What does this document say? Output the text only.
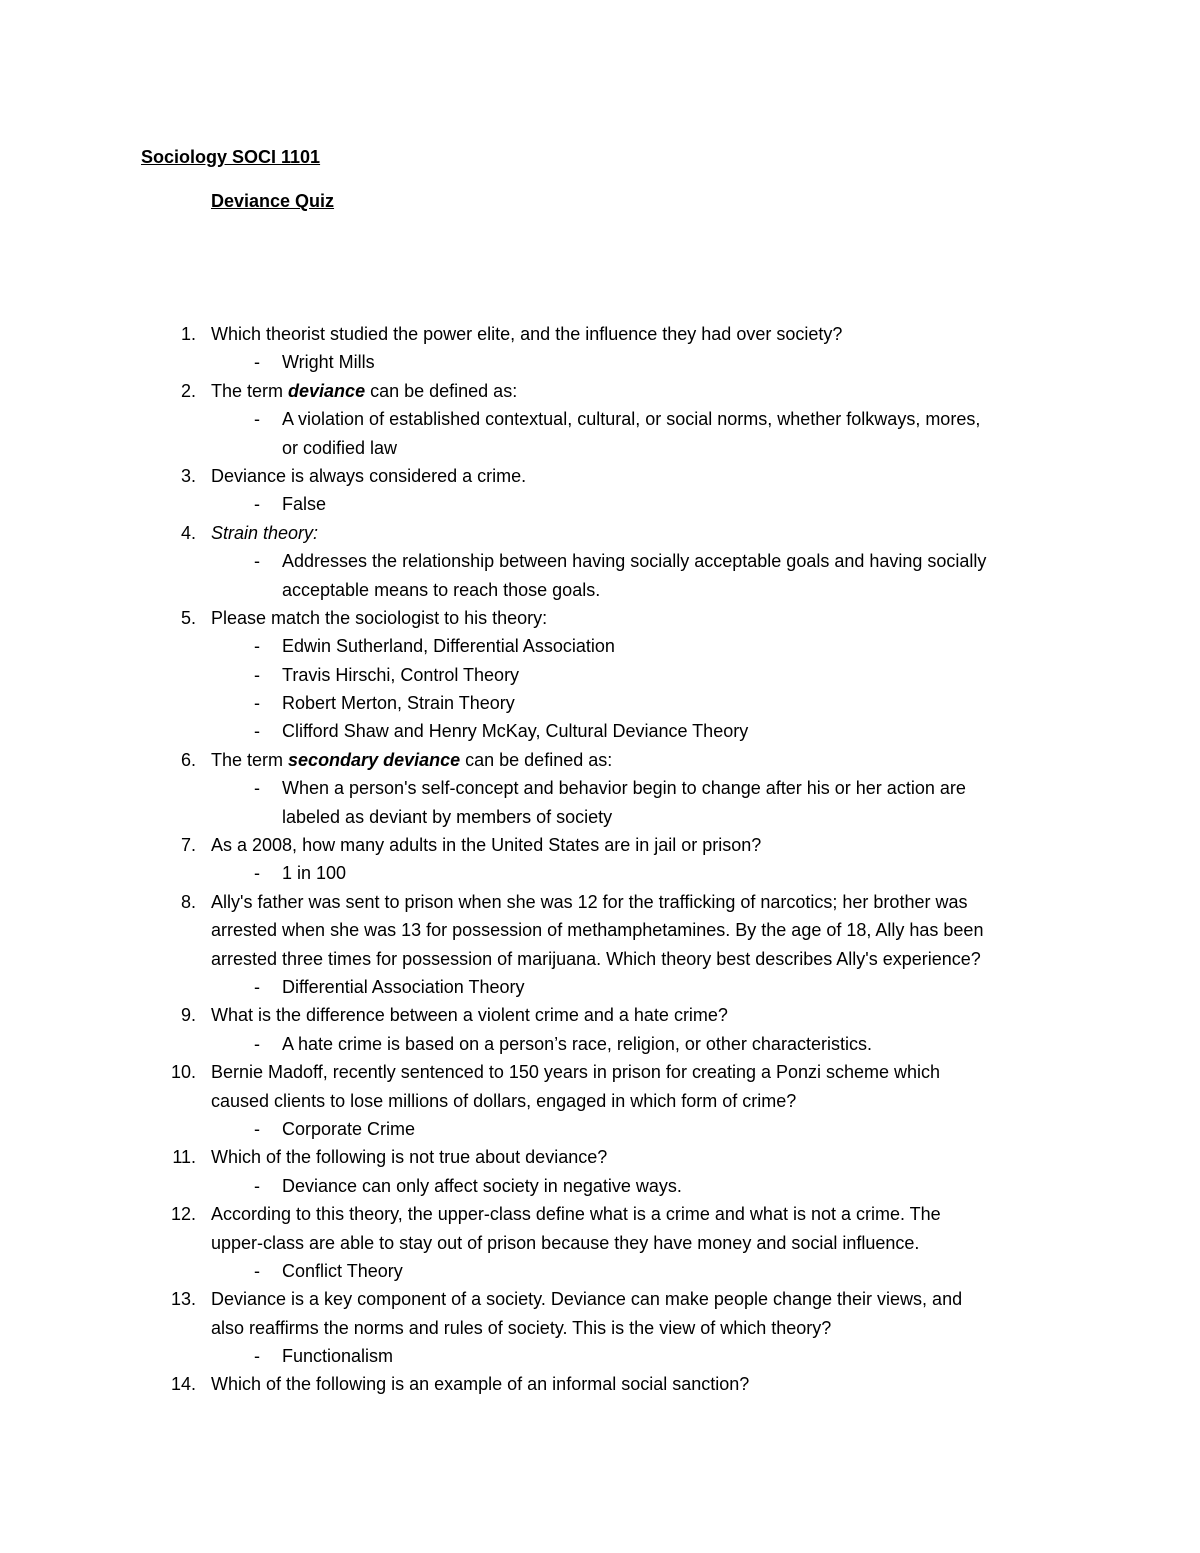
Sociology SOCI 1101
Deviance Quiz
1. Which theorist studied the power elite, and the influence they had over society?
- Wright Mills
2. The term deviance can be defined as:
- A violation of established contextual, cultural, or social norms, whether folkways, mores,
or codified law
3. Deviance is always considered a crime.
- False
4. Strain theory:
- Addresses the relationship between having socially acceptable goals and having socially
acceptable means to reach those goals.
5. Please match the sociologist to his theory:
- Edwin Sutherland, Differential Association
- Travis Hirschi, Control Theory
- Robert Merton, Strain Theory
- Clifford Shaw and Henry McKay, Cultural Deviance Theory
6. The term secondary deviance can be defined as:
- When a person's self-concept and behavior begin to change after his or her action are
labeled as deviant by members of society
7. As a 2008, how many adults in the United States are in jail or prison?
- 1 in 100
8. Ally's father was sent to prison when she was 12 for the trafficking of narcotics; her brother was
arrested when she was 13 for possession of methamphetamines. By the age of 18, Ally has been
arrested three times for possession of marijuana. Which theory best describes Ally's experience?
- Differential Association Theory
9. What is the difference between a violent crime and a hate crime?
- A hate crime is based on a person’s race, religion, or other characteristics.
10. Bernie Madoff, recently sentenced to 150 years in prison for creating a Ponzi scheme which
caused clients to lose millions of dollars, engaged in which form of crime?
- Corporate Crime
11. Which of the following is not true about deviance?
- Deviance can only affect society in negative ways.
12. According to this theory, the upper-class define what is a crime and what is not a crime. The
upper-class are able to stay out of prison because they have money and social influence.
- Conflict Theory
13. Deviance is a key component of a society. Deviance can make people change their views, and
also reaffirms the norms and rules of society. This is the view of which theory?
- Functionalism
14. Which of the following is an example of an informal social sanction?
